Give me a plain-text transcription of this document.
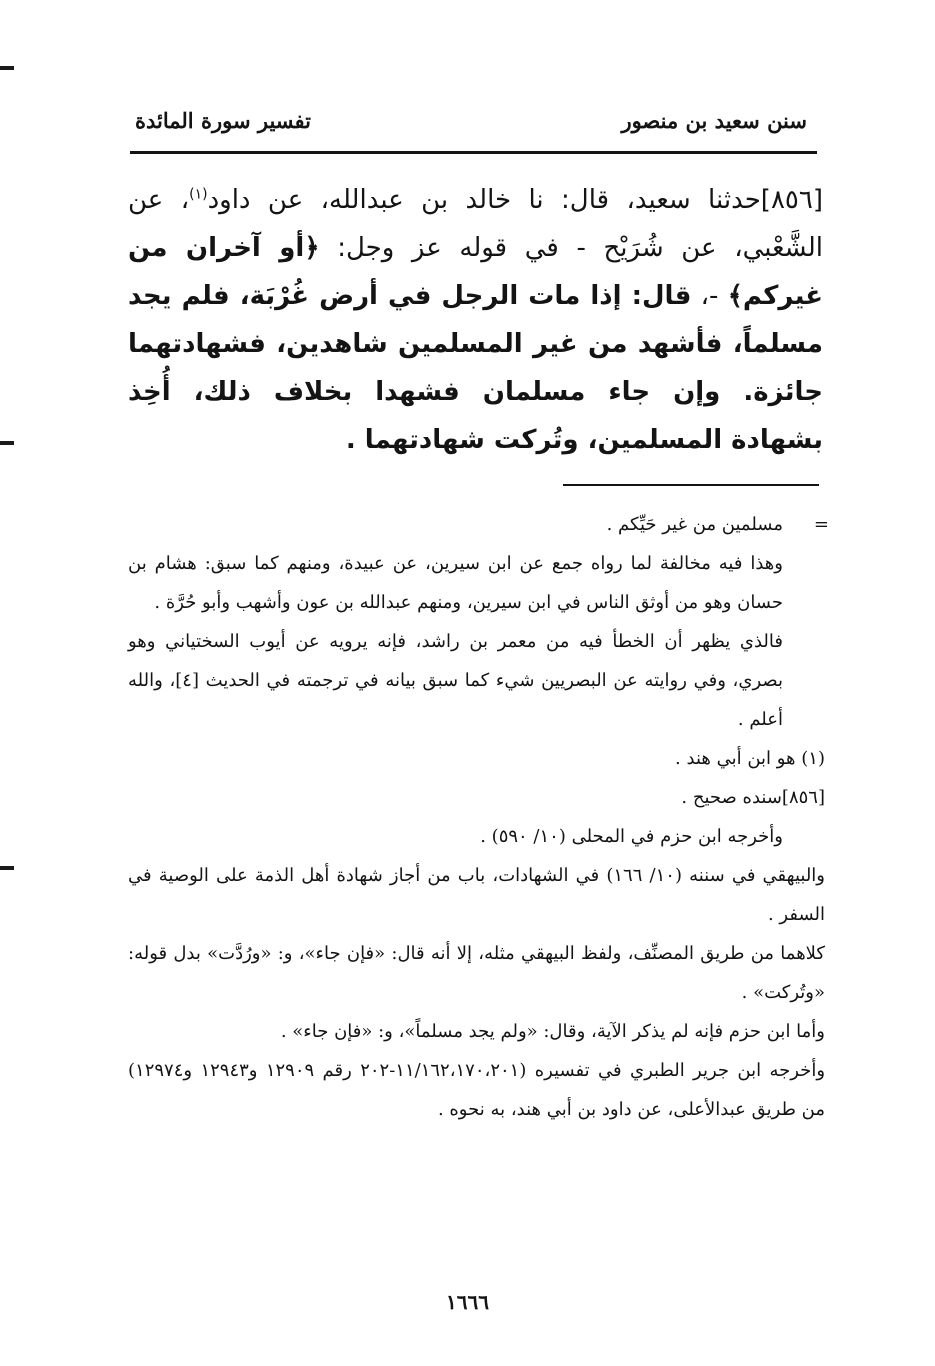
سنن سعيد بن منصور
تفسير سورة المائدة
[٨٥٦]حدثنا سعيد، قال: نا خالد بن عبدالله، عن داود$^{(١)}$، عن الشَّعْبي، عن شُرَيْح - في قوله عز وجل: ﴿أو آخران من غيركم﴾ -، قال: إذا مات الرجل في أرض غُرْبَة، فلم يجد مسلماً، فأشهد من غير المسلمين شاهدين، فشهادتهما جائزة. وإن جاء مسلمان فشهدا بخلاف ذلك، أُخِذ بشهادة المسلمين، وتُركت شهادتهما .
=

مسلمين من غير حَيِّكم .

وهذا فيه مخالفة لما رواه جمع عن ابن سيرين، عن عبيدة، ومنهم كما سبق: هشام بن حسان وهو من أوثق الناس في ابن سيرين، ومنهم عبدالله بن عون وأشهب وأبو حُرَّة .

فالذي يظهر أن الخطأ فيه من معمر بن راشد، فإنه يرويه عن أيوب السختياني وهو بصري، وفي روايته عن البصريين شيء كما سبق بيانه في ترجمته في الحديث [٤]، والله أعلم .

(١) هو ابن أبي هند .

[٨٥٦]سنده صحيح .

وأخرجه ابن حزم في المحلى (١٠/ ٥٩٠) .

والبيهقي في سننه (١٠/ ١٦٦) في الشهادات، باب من أجاز شهادة أهل الذمة على الوصية في السفر .

كلاهما من طريق المصنِّف، ولفظ البيهقي مثله، إلا أنه قال: «فإن جاء»، و: «ورُدَّت» بدل قوله: «وتُركت» .

وأما ابن حزم فإنه لم يذكر الآية، وقال: «ولم يجد مسلماً»، و: «فإن جاء» .

وأخرجه ابن جرير الطبري في تفسيره (١١/١٦٢،١٧٠،٢٠١-٢٠٢ رقم ١٢٩٠٩ و١٢٩٤٣ و١٢٩٧٤) من طريق عبدالأعلى، عن داود بن أبي هند، به نحوه .

١٦٦٦
